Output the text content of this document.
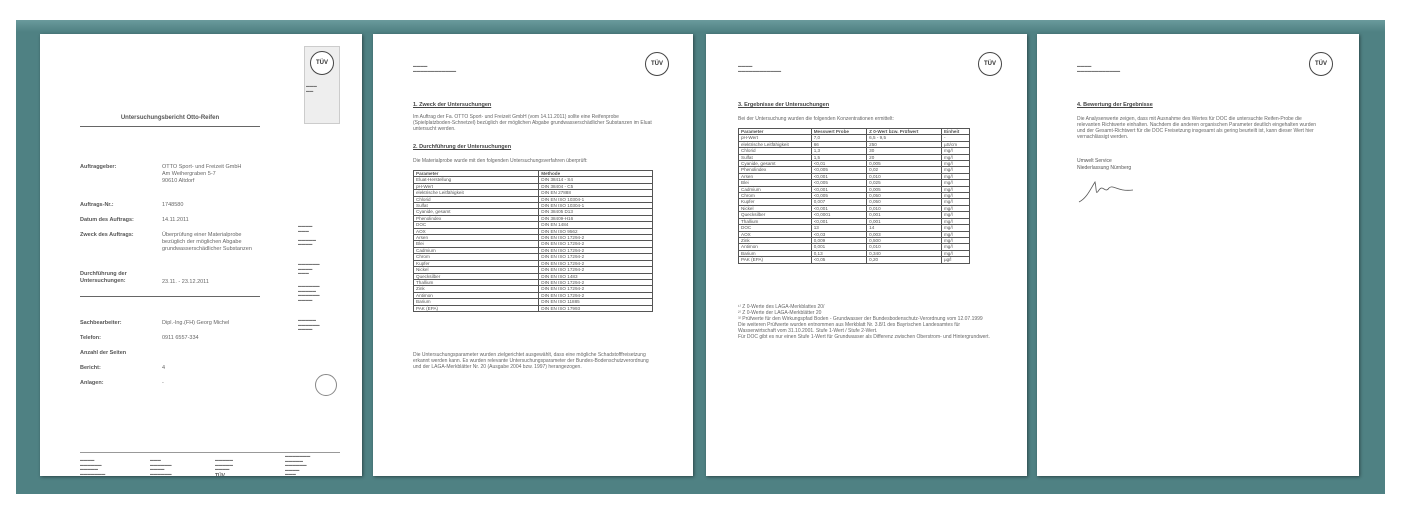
TÜV
▬▬▬
▬▬
Untersuchungsbericht Otto-Reifen
Auftraggeber:	OTTO Sport- und Freizeit GmbH
Am Weihergraben 5-7
90610 Altdorf
Auftrags-Nr.:	1748580
Datum des Auftrags:	14.11.2011
Zweck des Auftrags:	Überprüfung einer Materialprobe bezüglich der möglichen Abgabe grundwasserschädlicher Substanzen
Durchführung der Untersuchungen:	23.11. - 23.12.2011
Sachbearbeiter:	Dipl.-Ing.(FH) Georg Michel
Telefon:	0911 6557-334
Anzahl der Seiten
Bericht:	4
Anlagen:	-
▬▬▬▬
▬▬▬

▬▬▬▬▬
▬▬▬▬
▬▬▬▬▬▬
▬▬▬▬
▬▬▬
▬▬▬▬▬▬
▬▬▬▬▬
▬▬▬▬▬▬
▬▬▬▬
▬▬▬▬▬
▬▬▬▬▬▬
▬▬▬▬
▬▬▬▬
▬▬▬▬▬▬
▬▬▬▬▬
▬▬▬▬▬▬▬
▬▬▬
▬▬▬▬▬▬
▬▬▬▬
▬▬▬▬▬▬
▬▬▬▬▬
▬▬▬▬▬
▬▬▬▬
TÜV
▬▬▬▬▬▬▬
▬▬▬▬▬
▬▬▬▬▬▬
▬▬▬▬
▬▬▬
▬▬▬▬
▬▬▬▬▬▬▬▬▬▬▬▬
TÜV
1. Zweck der Untersuchungen
Im Auftrag der Fa. OTTO Sport- und Freizeit GmbH (vom 14.11.2011) sollte eine Reifenprobe (Spielplatzboden-Schnetzel) bezüglich der möglichen Abgabe grundwasserschädlicher Substanzen im Eluat untersucht werden.
2. Durchführung der Untersuchungen
Die Materialprobe wurde mit den folgenden Untersuchungsverfahren überprüft:
Parameter	Methode
Eluat-Herstellung	DIN 38414 - S4
pH-Wert	DIN 38404 - C5
elektrische Leitfähigkeit	DIN EN 27888
Chlorid	DIN EN ISO 10304-1
Sulfat	DIN EN ISO 10304-1
Cyanide, gesamt	DIN 38405 D13
Phenolindex	DIN 38409-H16
DOC	DIN EN 1484
AOX	DIN EN ISO 9562
Arsen	DIN EN ISO 17294-2
Blei	DIN EN ISO 17294-2
Cadmium	DIN EN ISO 17294-2
Chrom	DIN EN ISO 17294-2
Kupfer	DIN EN ISO 17294-2
Nickel	DIN EN ISO 17294-2
Quecksilber	DIN EN ISO 1483
Thallium	DIN EN ISO 17294-2
Zink	DIN EN ISO 17294-2
Antimon	DIN EN ISO 17294-2
Barium	DIN EN ISO 11885
PAK (EPA)	DIN EN ISO 17993
Die Untersuchungsparameter wurden zielgerichtet ausgewählt, dass eine mögliche Schadstofffreisetzung erkannt werden kann. Es wurden relevante Untersuchungsparameter der Bundes-Bodenschutzverordnung und der LAGA-Merkblätter Nr. 20 (Ausgabe 2004 bzw. 1997) herangezogen.
▬▬▬▬
▬▬▬▬▬▬▬▬▬▬▬▬
TÜV
3. Ergebnisse der Untersuchungen
Bei der Untersuchung wurden die folgenden Konzentrationen ermittelt:
Parameter	Messwert Probe	Z 0-Wert bzw. Prüfwert	Einheit
pH-Wert	7,0	6,5 - 9,5	-
elektrische Leitfähigkeit	66	250	µS/cm
Chlorid	1,3	30	mg/l
Sulfat	1,5	20	mg/l
Cyanide, gesamt	<0,01	0,005	mg/l
Phenolindex	<0,005	0,02	mg/l
Arsen	<0,001	0,010	mg/l
Blei	<0,005	0,025	mg/l
Cadmium	<0,001	0,005	mg/l
Chrom	<0,005	0,050	mg/l
Kupfer	0,007	0,050	mg/l
Nickel	<0,001	0,010	mg/l
Quecksilber	<0,0001	0,001	mg/l
Thallium	<0,001	0,001	mg/l
DOC	13	14	mg/l
AOX	<0,03	0,003	mg/l
Zink	0,009	0,500	mg/l
Antimon	0,001	0,010	mg/l
Barium	0,13	0,340	mg/l
PAK (EPA)	<0,05	0,20	µg/l
¹⁾ Z 0-Werte des LAGA-Merkblattes 20/
²⁾ Z 0-Werte der LAGA-Merkblätter 20
³⁾ Prüfwerte für den Wirkungspfad Boden - Grundwasser der Bundesbodenschutz-Verordnung vom 12.07.1999
Die weiteren Prüfwerte wurden entnommen aus Merkblatt Nr. 3.8/1 des Bayrischen Landesamtes für Wasserwirtschaft vom 31.10.2001. Stufe 1-Wert / Stufe 2-Wert.
Für DOC gibt es nur einen Stufe 1-Wert für Grundwasser als Differenz zwischen Oberstrom- und Hintergrundwert.
▬▬▬▬
▬▬▬▬▬▬▬▬▬▬▬▬
TÜV
4. Bewertung der Ergebnisse
Die Analysenwerte zeigen, dass mit Ausnahme des Wertes für DOC die untersuchte Reifen-Probe die relevanten Richtwerte einhalten. Nachdem die anderen organischen Parameter deutlich eingehalten wurden und der Gesamt-Richtwert für die DOC Freisetzung insgesamt als gering beurteilt ist, kann dieser Wert hier vernachlässigt werden.
Umwelt Service
Niederlassung Nürnberg
